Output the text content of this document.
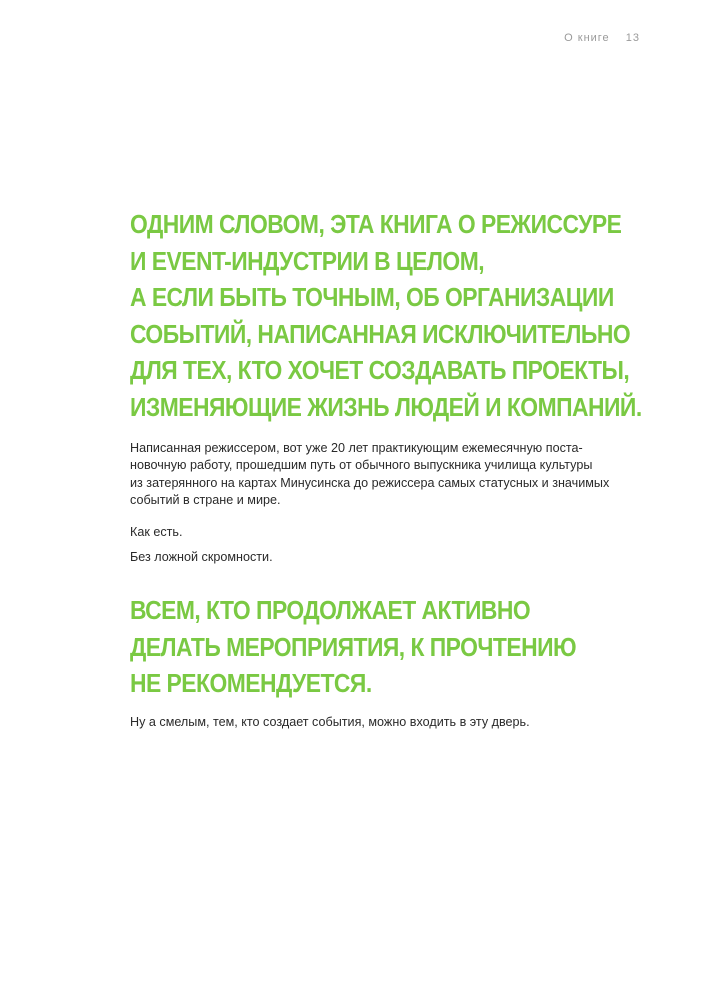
О книге 13
ОДНИМ СЛОВОМ, ЭТА КНИГА О РЕЖИССУРЕ
И EVENT-ИНДУСТРИИ В ЦЕЛОМ,
А ЕСЛИ БЫТЬ ТОЧНЫМ, ОБ ОРГАНИЗАЦИИ
СОБЫТИЙ, НАПИСАННАЯ ИСКЛЮЧИТЕЛЬНО
ДЛЯ ТЕХ, КТО ХОЧЕТ СОЗДАВАТЬ ПРОЕКТЫ,
ИЗМЕНЯЮЩИЕ ЖИЗНЬ ЛЮДЕЙ И КОМПАНИЙ.

Написанная режиссером, вот уже 20 лет практикующим ежемесячную поста-
новочную работу, прошедшим путь от обычного выпускника училища культуры
из затерянного на картах Минусинска до режиссера самых статусных и значимых
событий в стране и мире.

Как есть.

Без ложной скромности.

ВСЕМ, КТО ПРОДОЛЖАЕТ АКТИВНО
ДЕЛАТЬ МЕРОПРИЯТИЯ, К ПРОЧТЕНИЮ
НЕ РЕКОМЕНДУЕТСЯ.

Ну а смелым, тем, кто создает события, можно входить в эту дверь.
